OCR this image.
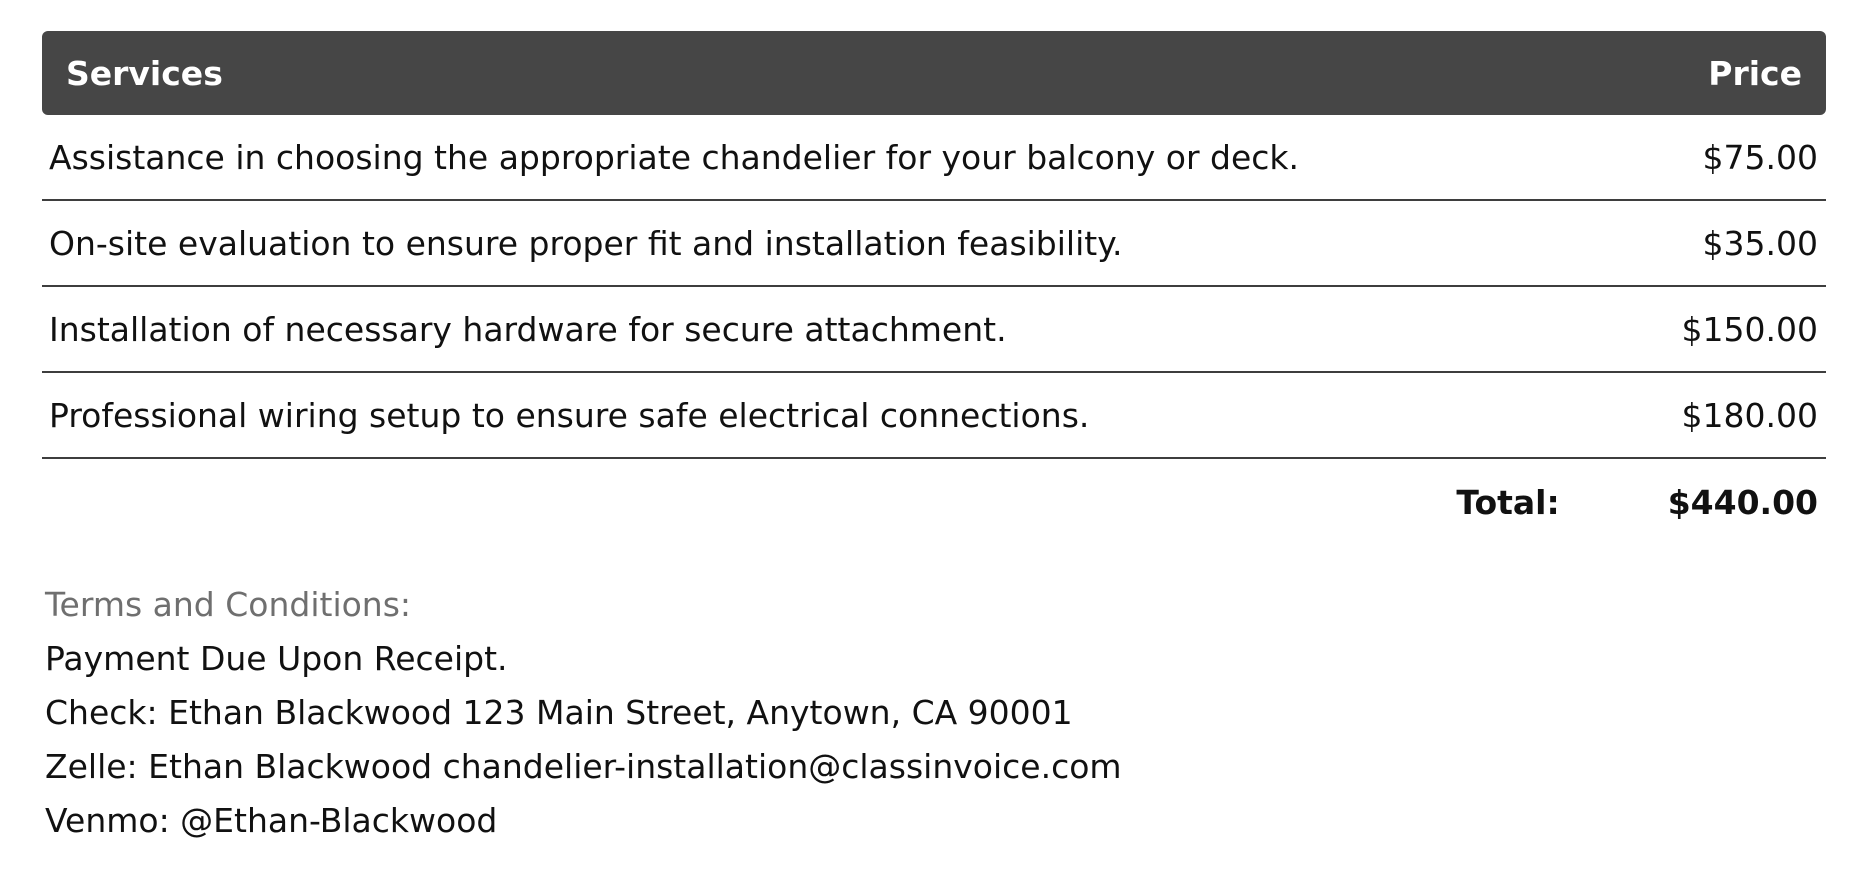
Services	Price
Assistance in choosing the appropriate chandelier for your balcony or deck.	$75.00
On-site evaluation to ensure proper fit and installation feasibility.	$35.00
Installation of necessary hardware for secure attachment.	$150.00
Professional wiring setup to ensure safe electrical connections.	$180.00
Total:	$440.00
Terms and Conditions:
Payment Due Upon Receipt.
Check: Ethan Blackwood 123 Main Street, Anytown, CA 90001
Zelle: Ethan Blackwood chandelier-installation@classinvoice.com
Venmo: @Ethan-Blackwood
